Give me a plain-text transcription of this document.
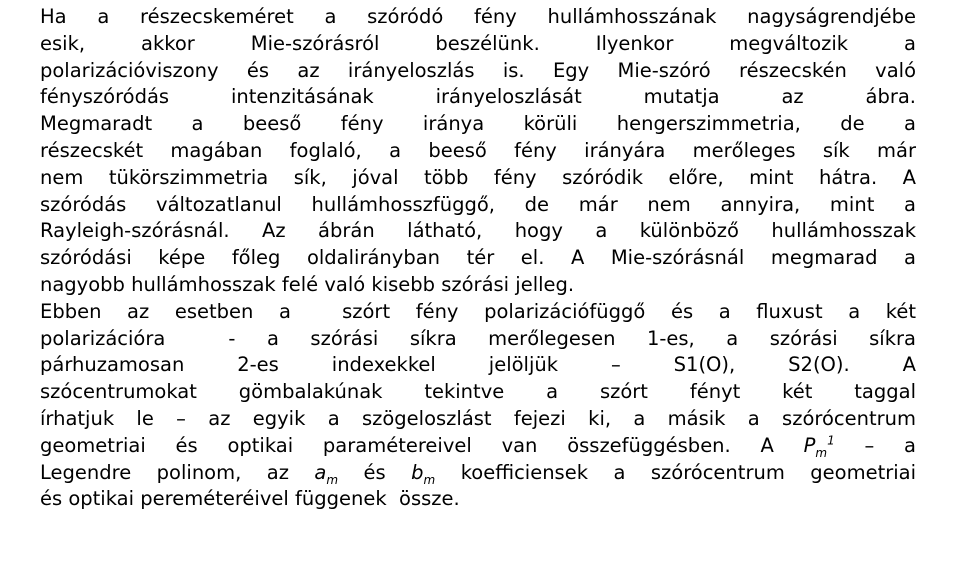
Ha a részecskeméret a szóródó fény hullámhosszának nagyságrendjébe
esik, akkor Mie-szórásról beszélünk. Ilyenkor megváltozik a
polarizációviszony és az irányeloszlás is. Egy Mie-szóró részecskén való
fényszóródás intenzitásának irányeloszlását mutatja az ábra.
Megmaradt a beeső fény iránya körüli hengerszimmetria, de a
részecskét magában foglaló, a beeső fény irányára merőleges sík már
nem tükörszimmetria sík, jóval több fény szóródik előre, mint hátra. A
szóródás változatlanul hullámhosszfüggő, de már nem annyira, mint a
Rayleigh-szórásnál. Az ábrán látható, hogy a különböző hullámhosszak
szóródási képe főleg oldalirányban tér el. A Mie-szórásnál megmarad a
nagyobb hullámhosszak felé való kisebb szórási jelleg.
Ebben az esetben a  szórt fény polarizációfüggő és a fluxust a két
polarizációra  - a szórási síkra merőlegesen 1-es, a szórási síkra
párhuzamosan 2-es indexekkel jelöljük – S1(O), S2(O). A
szócentrumokat gömbalakúnak tekintve a szórt fényt két taggal
írhatjuk le – az egyik a szögeloszlást fejezi ki, a másik a szórócentrum
geometriai és optikai paramétereivel van összefüggésben. A $P_m^1$ – a
Legendre polinom, az $a_m$ és $b_m$ koefficiensek a szórócentrum geometriai
és optikai pereméteréivel függenek  össze.
